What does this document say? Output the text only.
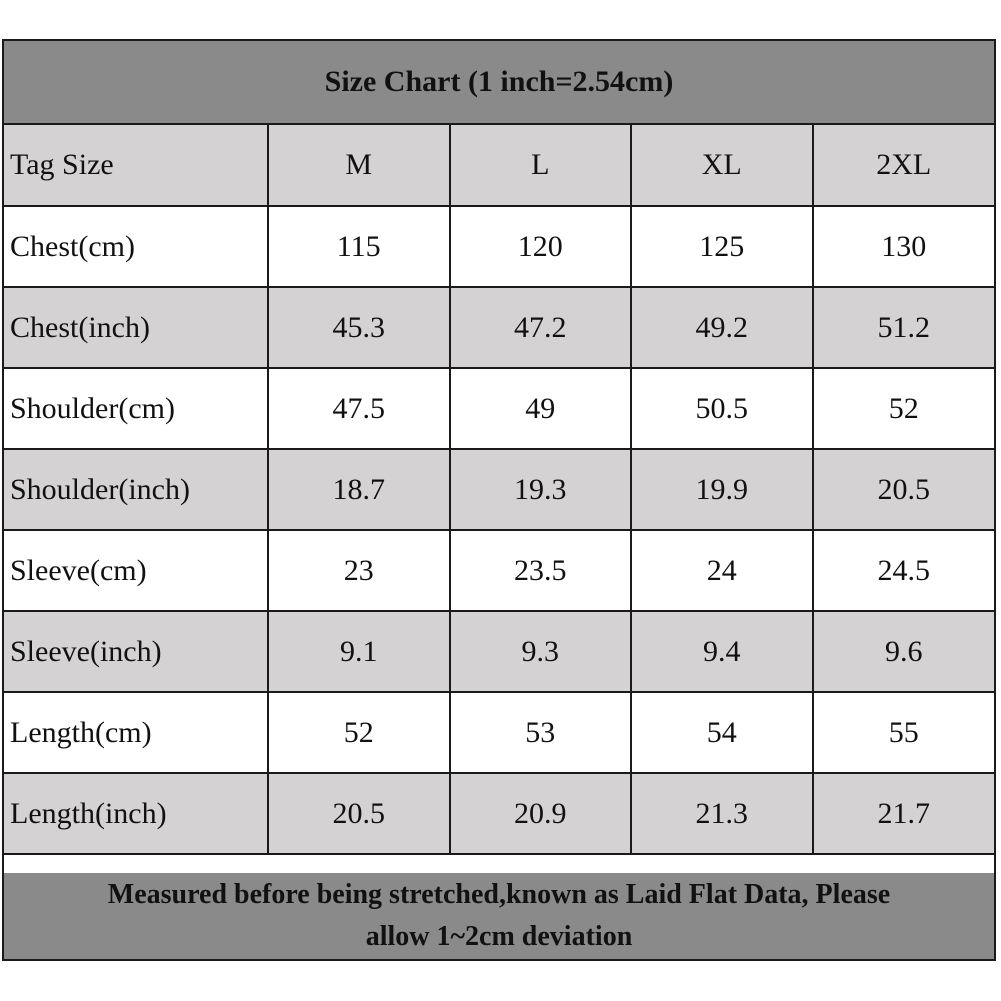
Size Chart (1 inch=2.54cm)
Tag Size	M	L	XL	2XL
Chest(cm)	115	120	125	130
Chest(inch)	45.3	47.2	49.2	51.2
Shoulder(cm)	47.5	49	50.5	52
Shoulder(inch)	18.7	19.3	19.9	20.5
Sleeve(cm)	23	23.5	24	24.5
Sleeve(inch)	9.1	9.3	9.4	9.6
Length(cm)	52	53	54	55
Length(inch)	20.5	20.9	21.3	21.7
Measured before being stretched,known as Laid Flat Data, Please
allow 1~2cm deviation
